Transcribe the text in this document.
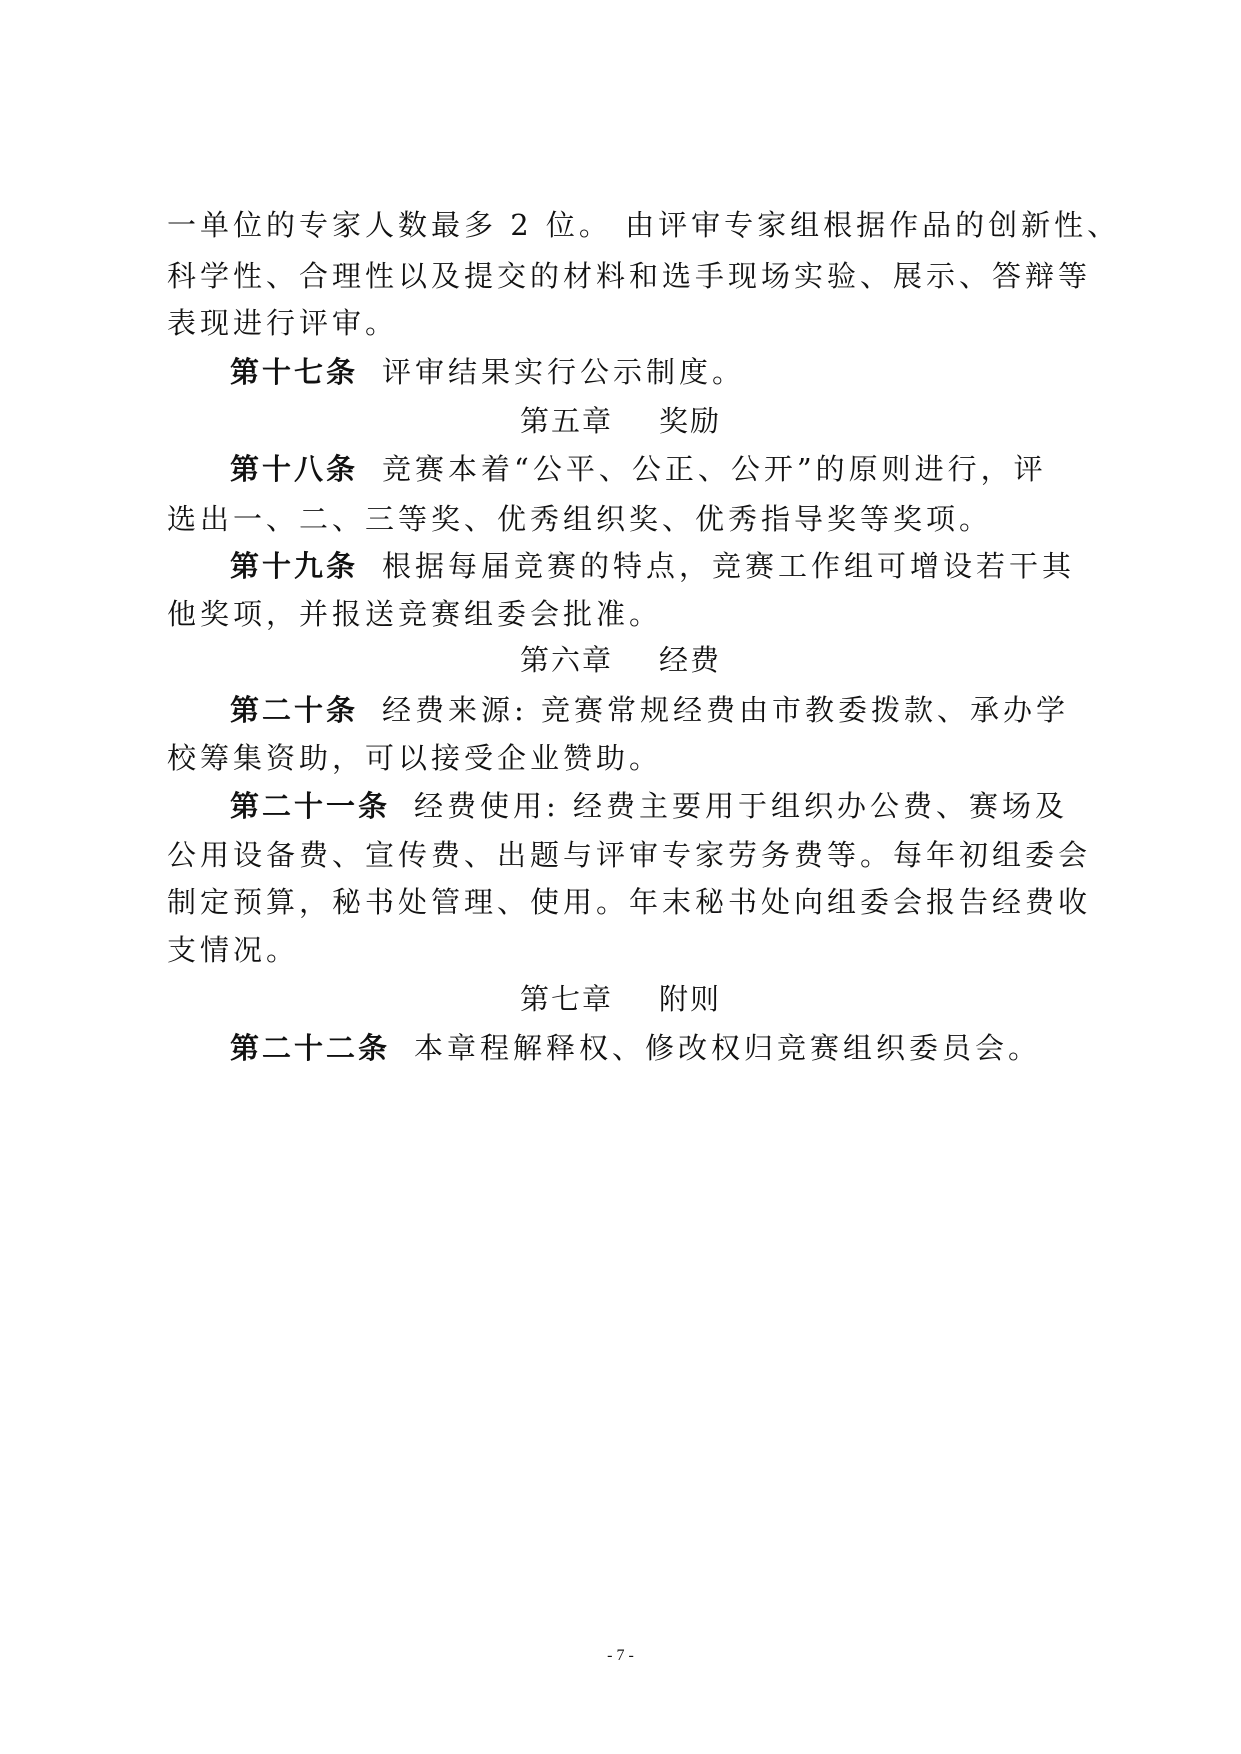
一单位的专家人数最多 2 位。 由评审专家组根据作品的创新性、
科学性、合理性以及提交的材料和选手现场实验、展示、答辩等
表现进行评审。
第十七条 评审结果实行公示制度。
第五章 奖励
第十八条 竞赛本着“公平、公正、公开”的原则进行，评
选出一、二、三等奖、优秀组织奖、优秀指导奖等奖项。
第十九条 根据每届竞赛的特点，竞赛工作组可增设若干其
他奖项，并报送竞赛组委会批准。
第六章 经费
第二十条 经费来源: 竞赛常规经费由市教委拨款、承办学
校筹集资助，可以接受企业赞助。
第二十一条 经费使用: 经费主要用于组织办公费、赛场及
公用设备费、宣传费、出题与评审专家劳务费等。每年初组委会
制定预算，秘书处管理、使用。年末秘书处向组委会报告经费收
支情况。
第七章 附则
第二十二条 本章程解释权、修改权归竞赛组织委员会。
- 7 -
